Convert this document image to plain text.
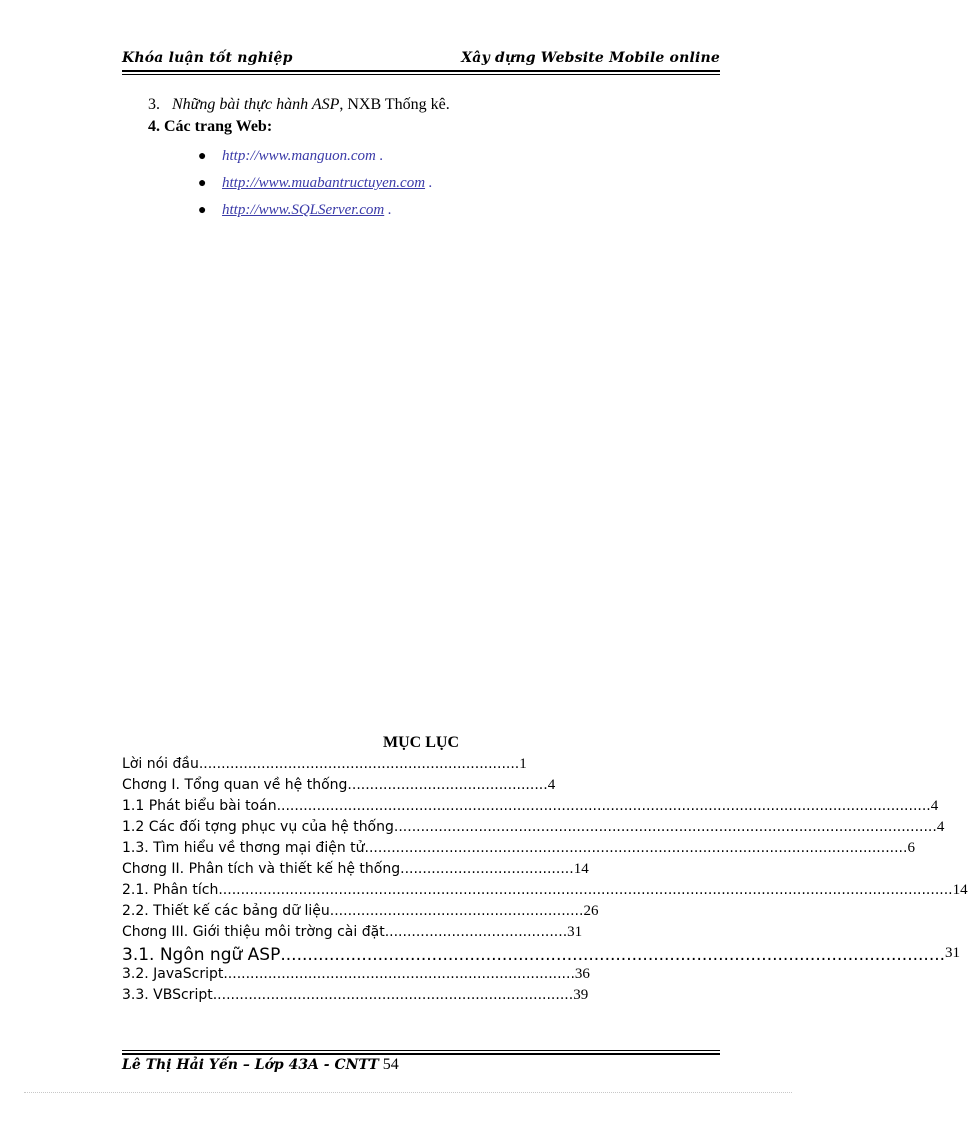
Khóa luận tốt nghiệp	Xây dựng Website Mobile online
3. Những bài thực hành ASP, NXB Thống kê.
4. Các trang Web:
● http://www.manguon.com .
● http://www.muabantructuyen.com .
● http://www.SQLServer.com .
MỤC LỤC
Lời nói đầu........................................................................1
Chơng I. Tổng quan về hệ thống.............................................4
1.1 Phát biểu bài toán ................................................................................................................................................... 4
1.2 Các đối tợng phục vụ của hệ thống .......................................................................................................................... 4
1.3. Tìm hiểu về thơng mại điện tử .......................................................................................................................... 6
Chơng II. Phân tích và thiết kế hệ thống.......................................14
2.1. Phân tích ..................................................................................................................................................................... 14
2.2. Thiết kế các bảng dữ liệu.........................................................26
Chơng III. Giới thiệu môi trờng cài đặt.........................................31
3.1. Ngôn ngữ ASP ........................................................................................................................... 31
3.2. JavaScript...............................................................................36
3.3. VBScript.................................................................................39
Lê Thị Hải Yến – Lớp 43A - CNTT 54
